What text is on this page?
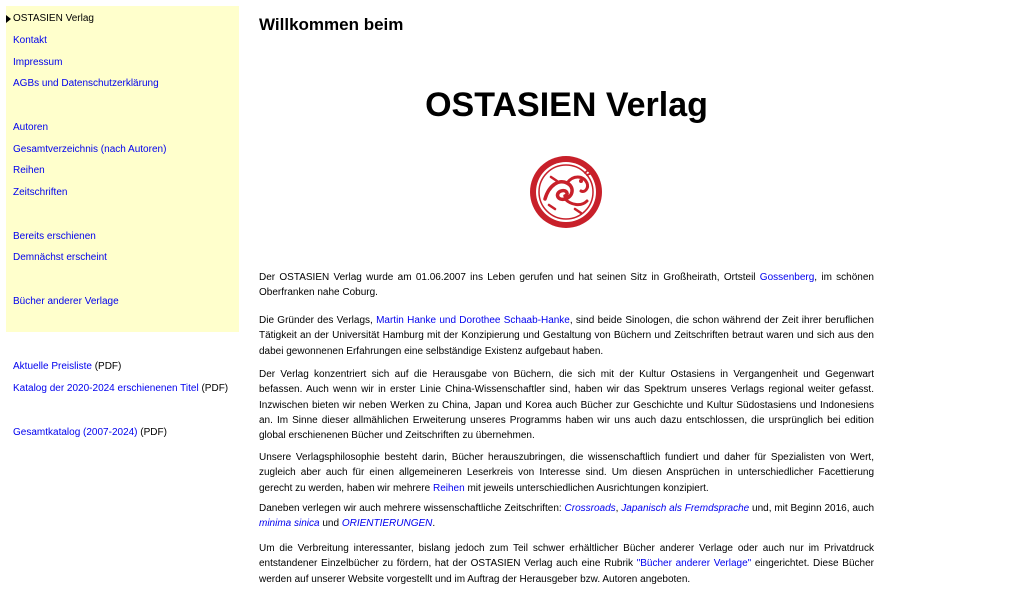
OSTASIEN Verlag
Kontakt
Impressum
AGBs und Datenschutzerklärung
Autoren
Gesamtverzeichnis (nach Autoren)
Reihen
Zeitschriften
Bereits erschienen
Demnächst erscheint
Bücher anderer Verlage
Aktuelle Preisliste (PDF)
Katalog der 2020-2024 erschienenen Titel (PDF)
Gesamtkatalog (2007-2024) (PDF)
Willkommen beim
OSTASIEN Verlag

Der OSTASIEN Verlag wurde am 01.06.2007 ins Leben gerufen und hat seinen Sitz in Großheirath, Ortsteil Gossenberg, im schönen Oberfranken nahe Coburg.

Die Gründer des Verlags, Martin Hanke und Dorothee Schaab-Hanke, sind beide Sinologen, die schon während der Zeit ihrer beruflichen Tätigkeit an der Universität Hamburg mit der Konzipierung und Gestaltung von Büchern und Zeitschriften betraut waren und sich aus den dabei gewonnenen Erfahrungen eine selbständige Existenz aufgebaut haben.

Der Verlag konzentriert sich auf die Herausgabe von Büchern, die sich mit der Kultur Ostasiens in Vergangenheit und Gegenwart befassen. Auch wenn wir in erster Linie China-Wissenschaftler sind, haben wir das Spektrum unseres Verlags regional weiter gefasst. Inzwischen bieten wir neben Werken zu China, Japan und Korea auch Bücher zur Geschichte und Kultur Südostasiens und Indonesiens an. Im Sinne dieser allmählichen Erweiterung unseres Programms haben wir uns auch dazu entschlossen, die ursprünglich bei edition global erschienenen Bücher und Zeitschriften zu übernehmen.

Unsere Verlagsphilosophie besteht darin, Bücher herauszubringen, die wissenschaftlich fundiert und daher für Spezialisten von Wert, zugleich aber auch für einen allgemeineren Leserkreis von Interesse sind. Um diesen Ansprüchen in unterschiedlicher Facettierung gerecht zu werden, haben wir mehrere Reihen mit jeweils unterschiedlichen Ausrichtungen konzipiert.

Daneben verlegen wir auch mehrere wissenschaftliche Zeitschriften: Crossroads, Japanisch als Fremdsprache und, mit Beginn 2016, auch minima sinica und ORIENTIERUNGEN.

Um die Verbreitung interessanter, bislang jedoch zum Teil schwer erhältlicher Bücher anderer Verlage oder auch nur im Privatdruck entstandener Einzelbücher zu fördern, hat der OSTASIEN Verlag auch eine Rubrik "Bücher anderer Verlage" eingerichtet. Diese Bücher werden auf unserer Website vorgestellt und im Auftrag der Herausgeber bzw. Autoren angeboten.
